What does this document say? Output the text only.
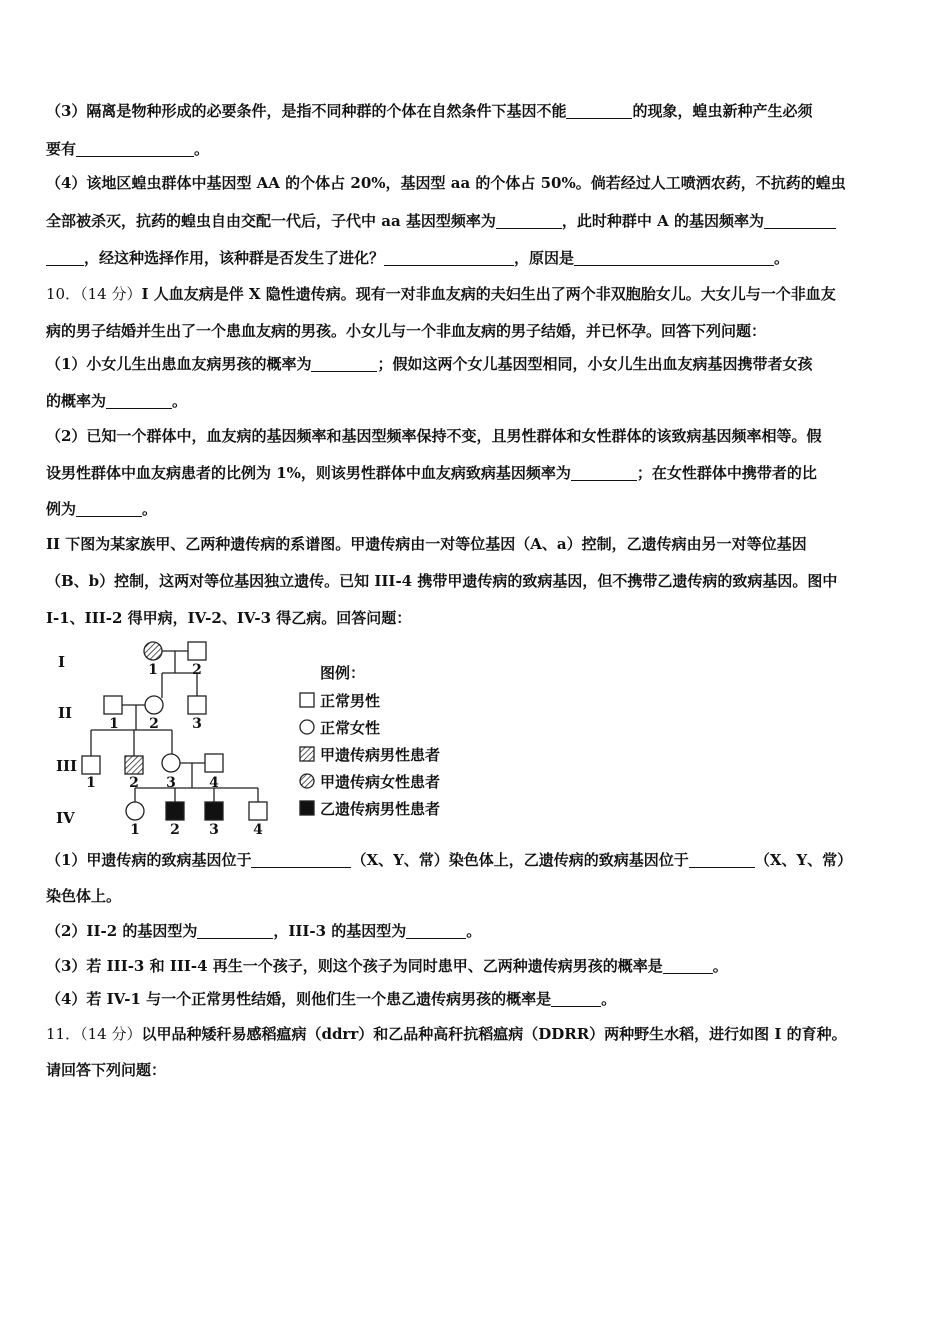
（3）隔离是物种形成的必要条件，是指不同种群的个体在自然条件下基因不能	的现象，蝗虫新种产生必须
要有	。
（4）该地区蝗虫群体中基因型 AA 的个体占 20%，基因型 aa 的个体占 50%。倘若经过人工喷洒农药，不抗药的蝗虫
全部被杀灭，抗药的蝗虫自由交配一代后，子代中 aa 基因型频率为	，此时种群中 A 的基因频率为
，经这种选择作用，该种群是否发生了进化？	，原因是	。
10．（14 分）I 人血友病是伴 X 隐性遗传病。现有一对非血友病的夫妇生出了两个非双胞胎女儿。大女儿与一个非血友
病的男子结婚并生出了一个患血友病的男孩。小女儿与一个非血友病的男子结婚，并已怀孕。回答下列问题：
（1）小女儿生出患血友病男孩的概率为	；假如这两个女儿基因型相同，小女儿生出血友病基因携带者女孩
的概率为	。
（2）已知一个群体中，血友病的基因频率和基因型频率保持不变，且男性群体和女性群体的该致病基因频率相等。假
设男性群体中血友病患者的比例为 1%，则该男性群体中血友病致病基因频率为	；在女性群体中携带者的比
例为	。
II 下图为某家族甲、乙两种遗传病的系谱图。甲遗传病由一对等位基因（A、a）控制，乙遗传病由另一对等位基因
（B、b）控制，这两对等位基因独立遗传。已知 III-4 携带甲遗传病的致病基因，但不携带乙遗传病的致病基因。图中
I-1、III-2 得甲病，IV-2、IV-3 得乙病。回答问题：
I
II
III
IV
1 2
1 2 3
1 2 3 4
1 2 3 4
图例：
正常男性
正常女性
甲遗传病男性患者
甲遗传病女性患者
乙遗传病男性患者
（1）甲遗传病的致病基因位于	（X、Y、常）染色体上，乙遗传病的致病基因位于	（X、Y、常）
染色体上。
（2）II-2 的基因型为	，III-3 的基因型为	。
（3）若 III-3 和 III-4 再生一个孩子，则这个孩子为同时患甲、乙两种遗传病男孩的概率是	。
（4）若 IV-1 与一个正常男性结婚，则他们生一个患乙遗传病男孩的概率是	。
11．（14 分）以甲品种矮秆易感稻瘟病（ddrr）和乙品种高秆抗稻瘟病（DDRR）两种野生水稻，进行如图 I 的育种。
请回答下列问题：
